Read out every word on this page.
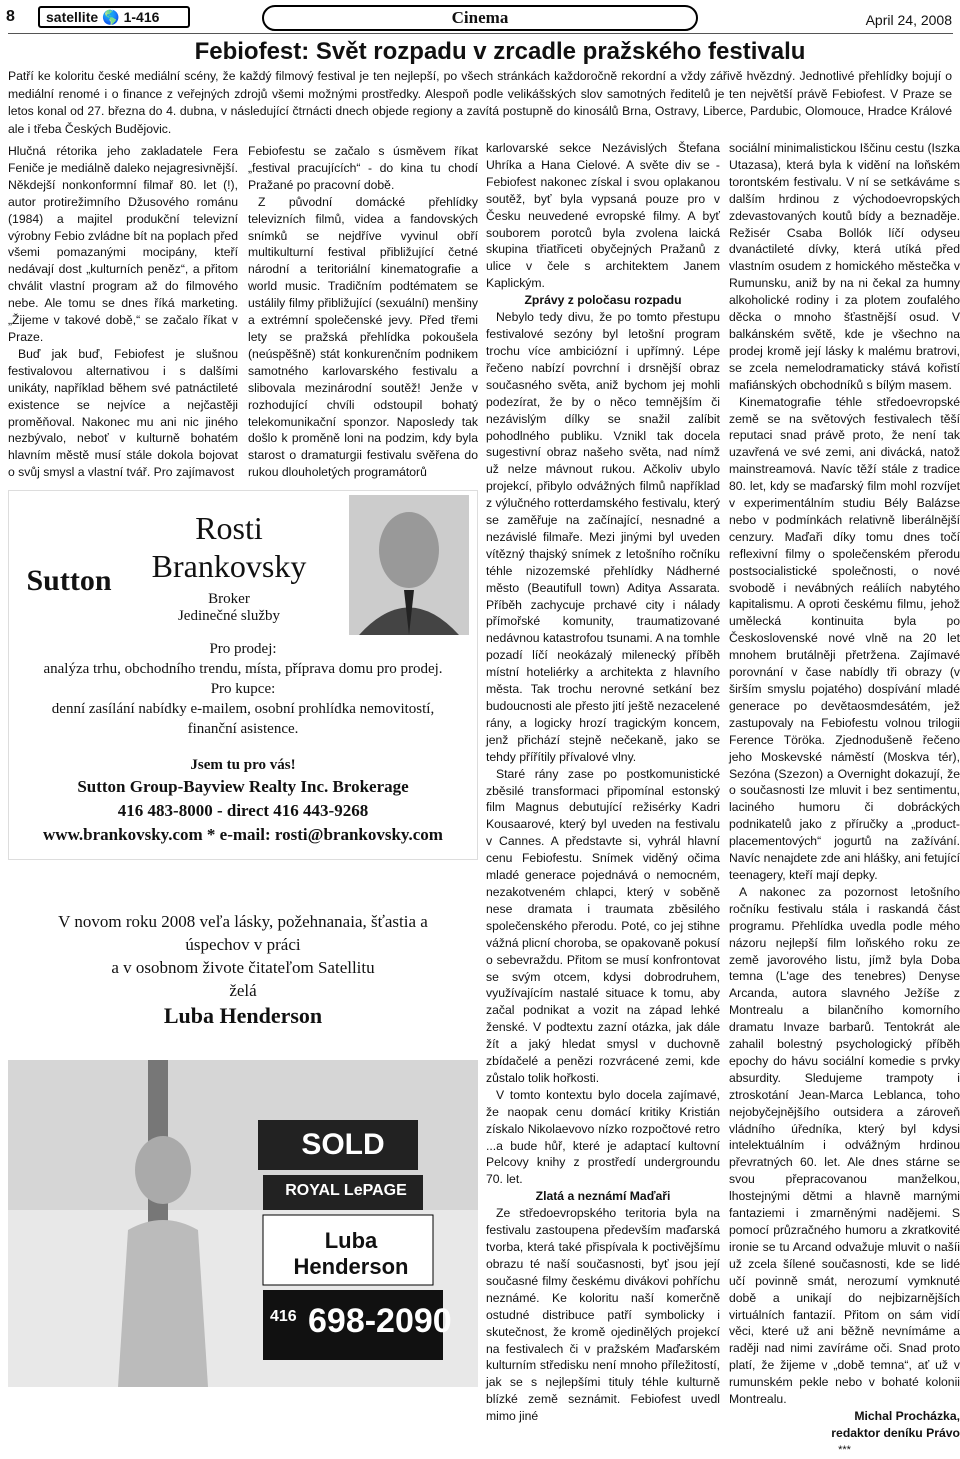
8 satellite 🌎 1-416	Cinema	April 24, 2008
Febiofest: Svět rozpadu v zrcadle pražského festivalu
Patří ke koloritu české mediální scény, že každý filmový festival je ten nejlepší, po všech stránkách každoročně rekordní a vždy zářivě hvězdný. Jednotlivé přehlídky bojují o mediální renomé i o finance z veřejných zdrojů všemi možnými prostředky. Alespoň podle velikášských slov samotných ředitelů je ten největší právě Febiofest. V Praze se letos konal od 27. března do 4. dubna, v následující čtrnácti dnech objede regiony a zavítá postupně do kinosálů Brna, Ostravy, Liberce, Pardubic, Olomouce, Hradce Králové ale i třeba Českých Budějovic.

Hlučná rétorika jeho zakladatele Fera Feniče je mediálně daleko nejagresivnější. Někdejší nonkonformní filmař 80. let (!), autor protirežimního Džusového románu (1984) a majitel produkční televizní výrobny Febio zvládne bít na poplach před všemi pomazanými mocipány, kteří nedávají dost „kulturních peněz“, a přitom chválit vlastní program až do filmového nebe. Ale tomu se dnes říká marketing. „Žijeme v takové době,“ se začalo říkat v Praze.

Buď jak buď, Febiofest je slušnou festivalovou alternativou i s dalšími unikáty, například během své patnáctileté existence se nejvíce a nejčastěji proměňoval. Nakonec mu ani nic jiného nezbývalo, neboť v kulturně bohatém hlavním městě musí stále dokola bojovat o svůj smysl a vlastní tvář. Pro zajímavost

Febiofestu se začalo s úsměvem říkat „festival pracujících“ - do kina tu chodí Pražané po pracovní době.

Z původní domácké přehlídky televizních filmů, videa a fandovských snímků se nejdříve vyvinul obří multikulturní festival přibližující četné národní a teritoriální kinematografie a world music. Tradičním podtématem se ustálily filmy přibližující (sexuální) menšiny a extrémní společenské jevy. Před třemi lety se pražská přehlídka pokoušela (neúspěšně) stát konkurenčním podnikem samotného karlovarského festivalu a slibovala mezinárodní soutěž! Jenže v rozhodující chvíli odstoupil bohatý telekomunikační sponzor. Naposledy tak došlo k proměně loni na podzim, kdy byla starost o dramaturgii festivalu svěřena do rukou dlouholetých programátorů

Sutton
Rosti
Brankovsky
Broker
Jedinečné služby
Pro prodej:
analýza trhu, obchodního trendu, místa, příprava domu pro prodej.
Pro kupce:
denní zasílání nabídky e-mailem, osobní prohlídka nemovitostí, finanční asistence.
Jsem tu pro vás!
Sutton Group-Bayview Realty Inc. Brokerage
416 483-8000 - direct 416 443-9268
www.brankovsky.com * e-mail: rosti@brankovsky.com
V novom roku 2008 veľa lásky, požehnanaia, šťastia a
úspechov v práci
a v osobnom živote čitateľom Satellitu
želá
Luba Henderson
SOLD
ROYAL LePAGE
Luba Henderson
416 698-2090

karlovarské sekce Nezávislých Štefana Uhríka a Hana Cielové. A světe div se - Febiofest nakonec získal i svou oplakanou soutěž, byť byla vypsaná pouze pro v Česku neuvedené evropské filmy. A byť souborem porotců byla zvolena laická skupina třiatřiceti obyčejných Pražanů z ulice v čele s architektem Janem Kaplickým.

Zprávy z poločasu rozpadu

Nebylo tedy divu, že po tomto přestupu festivalové sezóny byl letošní program trochu více ambiciózní i upřímný. Lépe řečeno nabízí povrchní i drsnější obraz současného světa, aniž bychom jej mohli podezírat, že by o něco temnějším či nezávislým dílky se snažil zalíbit pohodlného publiku. Vznikl tak docela sugestivní obraz našeho světa, nad nímž už nelze mávnout rukou. Ačkoliv ubylo projekcí, přibylo odvážných filmů například z výlučného rotterdamského festivalu, který se zaměřuje na začínající, nesnadné a nezávislé filmaře. Mezi jinými byl uveden vítězný thajský snímek z letošního ročníku téhle nizozemské přehlídky Nádherné město (Beautifull town) Aditya Assarata. Příběh zachycuje prchavé city i nálady přímořské komunity, traumatizované nedávnou katastrofou tsunami. A na tomhle pozadí líčí neokázalý milenecký příběh místní hoteliérky a architekta z hlavního města. Tak trochu nerovné setkání bez budoucnosti ale přesto jití ještě nezacelené rány, a logicky hrozí tragickým koncem, jenž přichází stejně nečekaně, jako se tehdy přířítily přívalové vlny.

Staré rány zase po postkomunistické zběsilé transformaci připomínal estonský film Magnus debutující režisérky Kadri Kousaarové, který byl uveden na festivalu v Cannes. A představte si, vyhrál hlavní cenu Febiofestu. Snímek viděný očima mladé generace pojednává o nemocném, nezakotveném chlapci, který v soběně nese dramata i traumata zběsilého společenského přerodu. Poté, co jej stihne vážná plicní choroba, se opakovaně pokusí o sebevraždu. Přitom se musí konfrontovat se svým otcem, kdysi dobrodruhem, využívajícím nastalé situace k tomu, aby začal podnikat a vozit na západ lehké ženské. V podtextu zazní otázka, jak dále žít a jaký hledat smysl v duchovně zbídačelé a penězi rozvrácené zemi, kde zůstalo tolik hořkosti.

V tomto kontextu bylo docela zajímavé, že naopak cenu domácí kritiky Kristián získalo Nikolaevovo nízko rozpočtové retro ...a bude hůř, které je adaptací kultovní Pelcovy knihy z prostředí undergroundu 70. let.

Zlatá a neznámí Maďaři

Ze středoevropského teritoria byla na festivalu zastoupena především maďarská tvorba, která také přispívala k poctivějšímu obrazu té naší současnosti, byť jsou její současné filmy českému divákovi pohříchu neznámé. Ke koloritu naší komerčně ostudné distribuce patří symbolicky i skutečnost, že kromě ojedinělých projekcí na festivalech či v pražském Maďarském kulturním středisku není mnoho příležitostí, jak se s nejlepšími tituly téhle kulturně blízké země seznámit. Febiofest uvedl mimo jiné

sociální minimalistickou Iščinu cestu (Iszka Utazasa), která byla k vidění na loňském torontském festivalu. V ní se setkáváme s dalším hrdinou z východoevropských zdevastovaných koutů bídy a beznaděje. Režisér Csaba Bollók líčí odyseu dvanáctileté dívky, která utíká před vlastním osudem z homického městečka v Rumunsku, aniž by na ni čekal za humny alkoholické rodiny i za plotem zoufalého děcka o mnoho šťastnější osud. V balkánském světě, kde je všechno na prodej kromě její lásky k malému bratrovi, se zcela nemelodramaticky stává kořistí mafiánských obchodníků s bílým masem.

Kinematografie téhle středoevropské země se na světových festivalech těší reputaci snad právě proto, že není tak uzavřená ve své zemi, ani divácká, natož mainstreamová. Navíc těží stále z tradice 80. let, kdy se maďarský film mohl rozvíjet v experimentálním studiu Bély Balázse nebo v podmínkách relativně liberálnější cenzury. Maďaři díky tomu dnes točí reflexivní filmy o společenském přerodu postsocialistické společnosti, o nové svobodě i nevábných reáliích nabytého kapitalismu. A oproti českému filmu, jehož umělecká kontinuita byla po Československé nové vlně na 20 let mnohem brutálněji přetržena. Zajímavé porovnání v čase nabídly tři obrazy (v širším smyslu pojatého) dospívání mladé generace po devětaosmdesátém, jež zastupovaly na Febiofestu volnou trilogii Ference Töröka. Zjednodušeně řečeno jeho Moskevské náměstí (Moskva tér), Sezóna (Szezon) a Overnight dokazují, že o současnosti lze mluvit i bez sentimentu, laciného humoru či dobráckých podnikatelů jako z příručky a „product-placementových“ jogurtů na zažívání. Navíc nenajdete zde ani hlášky, ani fetující teenagery, kteří mají depky.

A nakonec za pozornost letošního ročníku festivalu stála i raskandá část programu. Přehlídka uvedla podle mého názoru nejlepší film loňského roku ze země javorového listu, jímž byla Doba temna (L'age des tenebres) Denyse Arcanda, autora slavného Ježíše z Montrealu a bilančního komorního dramatu Invaze barbarů. Tentokrát ale zahalil bolestný psychologický příběh epochy do hávu sociální komedie s prvky absurdity. Sledujeme trampoty i ztroskotání Jean-Marca Leblanca, toho nejobyčejnějšího outsidera a zároveň vládního úředníka, který byl kdysi intelektuálním i odvážným hrdinou převratných 60. let. Ale dnes stárne se svou přepracovanou manželkou, lhostejnými dětmi a hlavně marnými fantaziemi i zmarněnými nadějemi. S pomocí průzračného humoru a zkratkovité ironie se tu Arcand odvažuje mluvit o našíi už zcela šílené současnosti, kde se lidé učí povinně smát, nerozumí vymknuté době a unikají do nejbizarnějších virtuálních fantazií. Přitom on sám vidí věci, které už ani běžně nevnímáme a raději nad nimi zavíráme oči. Snad proto platí, že žijeme v „době temna“, ať už v rumunském pekle nebo v bohaté kolonii Montrealu.

Michal Procházka,
redaktor deníku Právo
***
